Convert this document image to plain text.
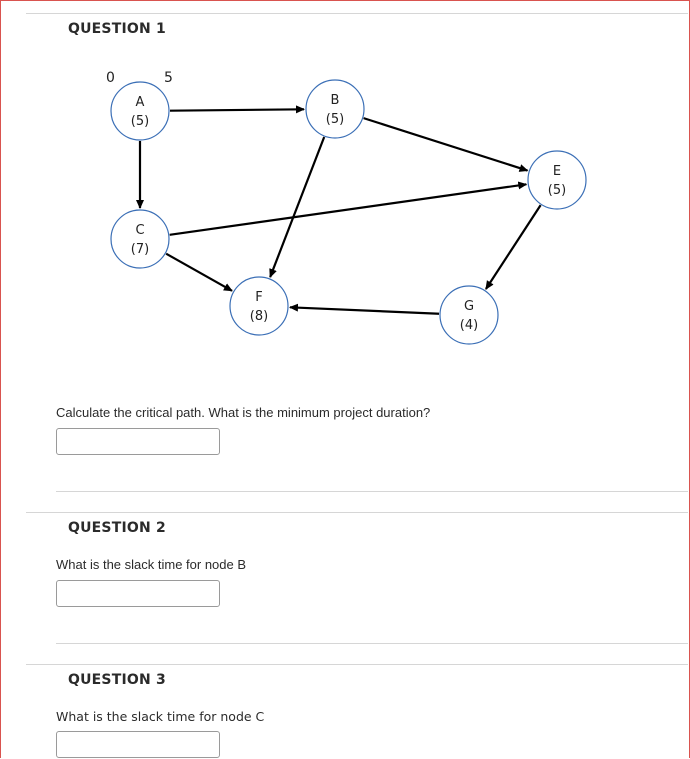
QUESTION 1
A
(5)
B
(5)
C
(7)
E
(5)
F
(8)
G
(4)
0	5
Calculate the critical path. What is the minimum project duration?
QUESTION 2
What is the slack time for node B
QUESTION 3
What is the slack time for node C
